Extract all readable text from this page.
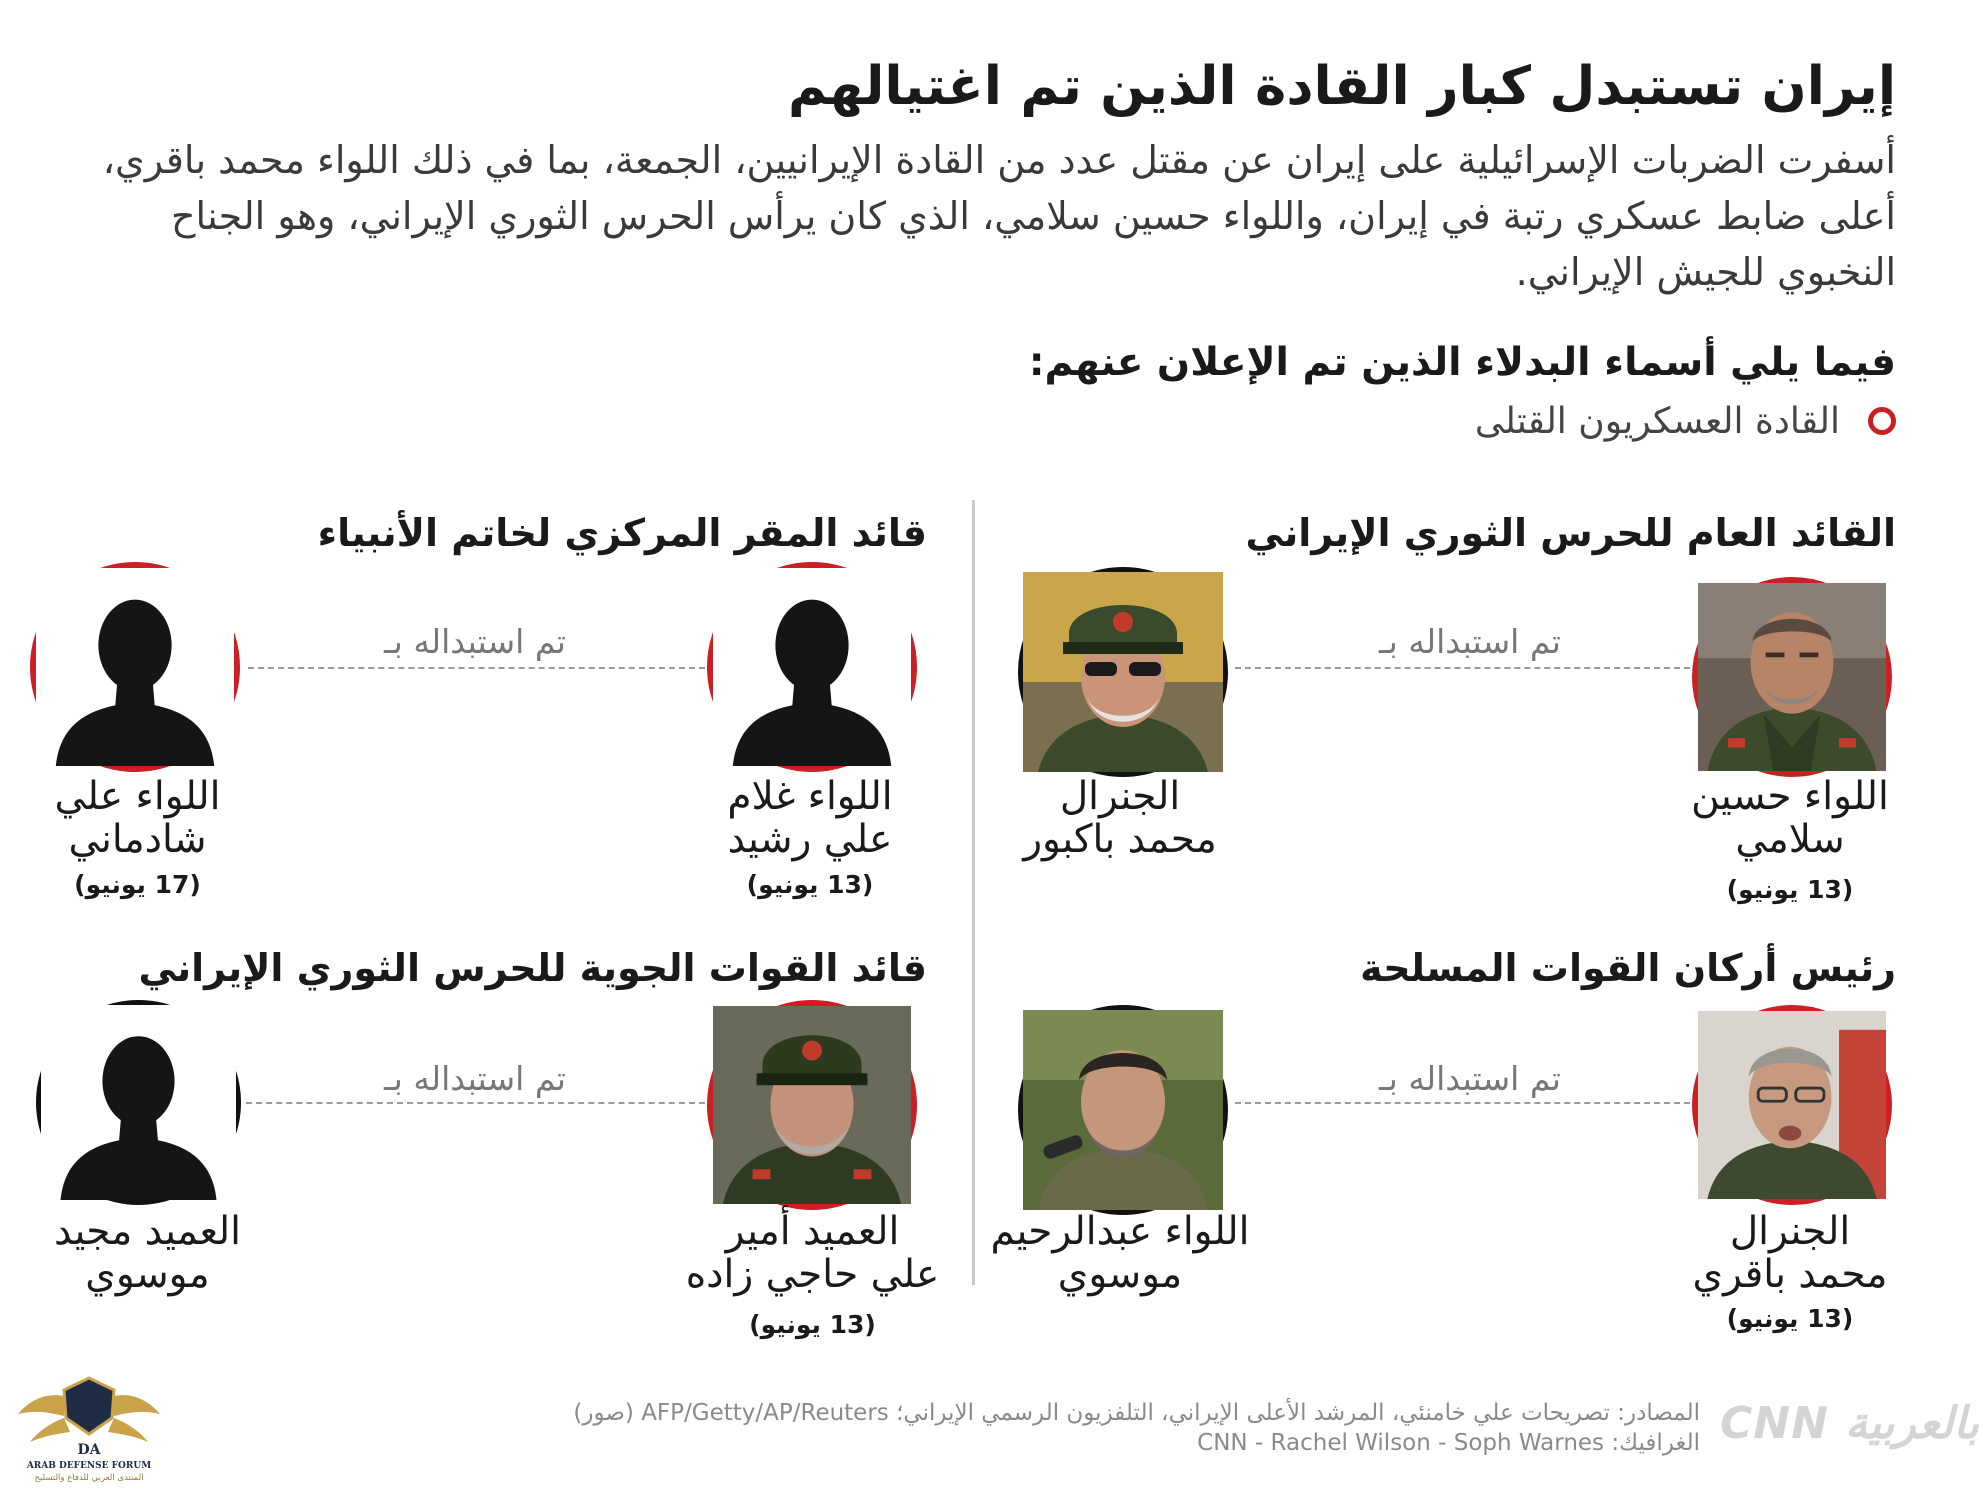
إيران تستبدل كبار القادة الذين تم اغتيالهم
أسفرت الضربات الإسرائيلية على إيران عن مقتل عدد من القادة الإيرانيين، الجمعة، بما في ذلك اللواء محمد باقري، أعلى ضابط عسكري رتبة في إيران، واللواء حسين سلامي، الذي كان يرأس الحرس الثوري الإيراني، وهو الجناح النخبوي للجيش الإيراني.
فيما يلي أسماء البدلاء الذين تم الإعلان عنهم:
القادة العسكريون القتلى
القائد العام للحرس الثوري الإيراني
تم استبداله بـ
اللواء حسين
سلامي
(13 يونيو)
الجنرال
محمد باكبور
قائد المقر المركزي لخاتم الأنبياء
تم استبداله بـ
اللواء غلام
علي رشيد
(13 يونيو)
اللواء علي
شادماني
(17 يونيو)
رئيس أركان القوات المسلحة
تم استبداله بـ
الجنرال
محمد باقري
(13 يونيو)
اللواء عبدالرحيم
موسوي
قائد القوات الجوية للحرس الثوري الإيراني
تم استبداله بـ
العميد أمير
علي حاجي زاده
(13 يونيو)
العميد مجيد
موسوي
المصادر: تصريحات علي خامنئي، المرشد الأعلى الإيراني، التلفزيون الرسمي الإيراني؛ AFP/Getty/AP/Reuters (صور)
الغرافيك: CNN - Rachel Wilson - Soph Warnes CNN بالعربية
DA
ARAB DEFENSE FORUM
المنتدى العربي للدفاع والتسليح
